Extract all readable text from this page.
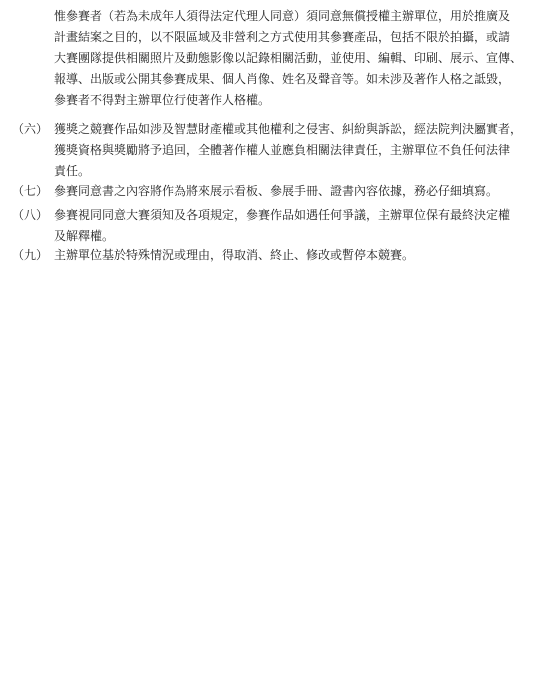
惟參賽者（若為未成年人須得法定代理人同意）須同意無償授權主辦單位，用於推廣及
計畫結案之目的，以不限區域及非營利之方式使用其參賽產品，包括不限於拍攝，或請
大賽團隊提供相關照片及動態影像以記錄相關活動，並使用、編輯、印刷、展示、宣傳、
報導、出版或公開其參賽成果、個人肖像、姓名及聲音等。如未涉及著作人格之詆毀，
參賽者不得對主辦單位行使著作人格權。
（六） 獲獎之競賽作品如涉及智慧財產權或其他權利之侵害、糾紛與訴訟，經法院判決屬實者，
獲獎資格與獎勵將予追回，全體著作權人並應負相關法律責任，主辦單位不負任何法律
責任。
（七） 參賽同意書之內容將作為將來展示看板、參展手冊、證書內容依據，務必仔細填寫。
（八） 參賽視同同意大賽須知及各項規定，參賽作品如遇任何爭議，主辦單位保有最終決定權
及解釋權。
（九） 主辦單位基於特殊情況或理由，得取消、終止、修改或暫停本競賽。
